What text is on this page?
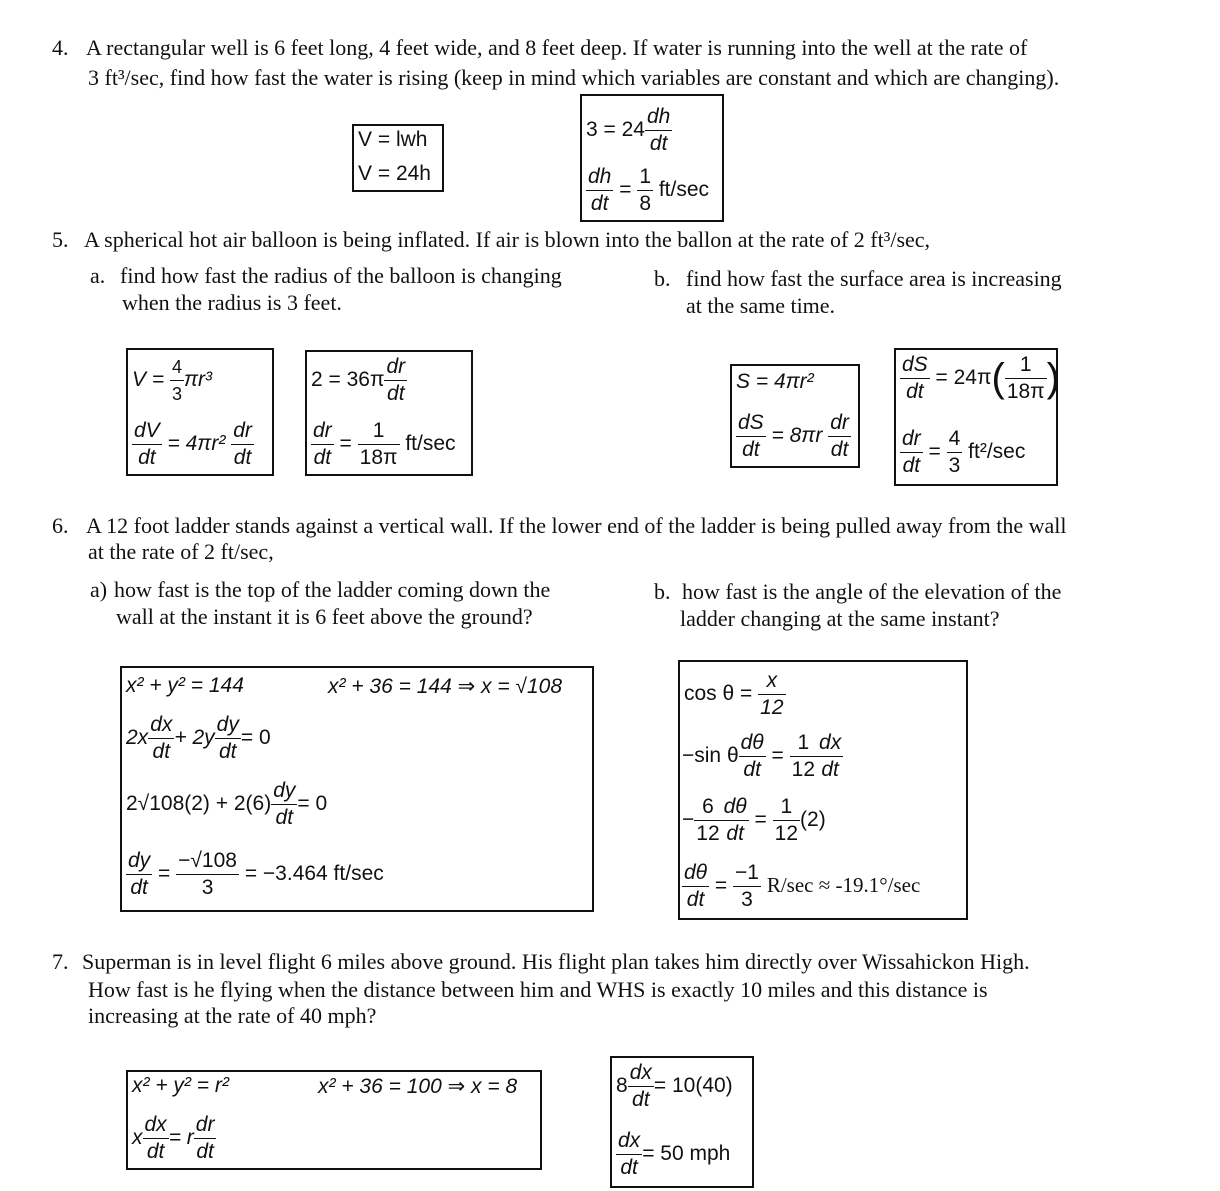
4. A rectangular well is 6 feet long, 4 feet wide, and 8 feet deep. If water is running into the well at the rate of
3 ft³/sec, find how fast the water is rising (keep in mind which variables are constant and which are changing).
V = lwh
V = 24h
$3 = 24 \frac{dh}{dt}$
$\frac{dh}{dt} = \frac{1}{8} ft/\sec$
5. A spherical hot air balloon is being inflated. If air is blown into the ballon at the rate of 2 ft³/sec,
a. find how fast the radius of the balloon is changing
when the radius is 3 feet.
b. find how fast the surface area is increasing
at the same time.
$V = \frac{4}{3} \pi r^3$
$\frac{dV}{dt} = 4\pi r^2 \frac{dr}{dt}$
$2 = 36\pi \frac{dr}{dt}$
$\frac{dr}{dt} = \frac{1}{18\pi} ft/\sec$
S = 4πr²
$\frac{dS}{dt} = 8\pi r \frac{dr}{dt}$
$\frac{dS}{dt} = 24\pi( \frac{1}{18\pi}$ )
$\frac{dr}{dt} = \frac{4}{3} ft^2/\sec$
6. A 12 foot ladder stands against a vertical wall. If the lower end of the ladder is being pulled away from the wall
at the rate of 2 ft/sec,
a) how fast is the top of the ladder coming down the
wall at the instant it is 6 feet above the ground?
b. how fast is the angle of the elevation of the
ladder changing at the same instant?
x² + y² = 144	x² + 36 = 144 ⇒ x = √108
$2x \frac{dx}{dt} + 2y \frac{dy}{dt} = 0$
$2√108(2) + 2(6) \frac{dy}{dt} = 0$
$\frac{dy}{dt} = \frac{-√108}{3} = -3.464$ ft/sec
$\cos \theta = \frac{x}{12}$
−sin θ $\frac{d\theta}{dt} = \frac{1}{12} \frac{dx}{dt}$
− $\frac{6}{12} \frac{d\theta}{dt} = \frac{1}{12} (2)$
$\frac{d\theta}{dt} = \frac{-1}{3} R/\sec \approx -19.1^\circ/\sec$
7. Superman is in level flight 6 miles above ground. His flight plan takes him directly over Wissahickon High.
How fast is he flying when the distance between him and WHS is exactly 10 miles and this distance is
increasing at the rate of 40 mph?
x² + y² = r²	x² + 36 = 100 ⇒ x = 8
x $\frac{dx}{dt} = r \frac{dr}{dt}$
$8 \frac{dx}{dt} = 10(40)$
$\frac{dx}{dt} = 50$ mph
